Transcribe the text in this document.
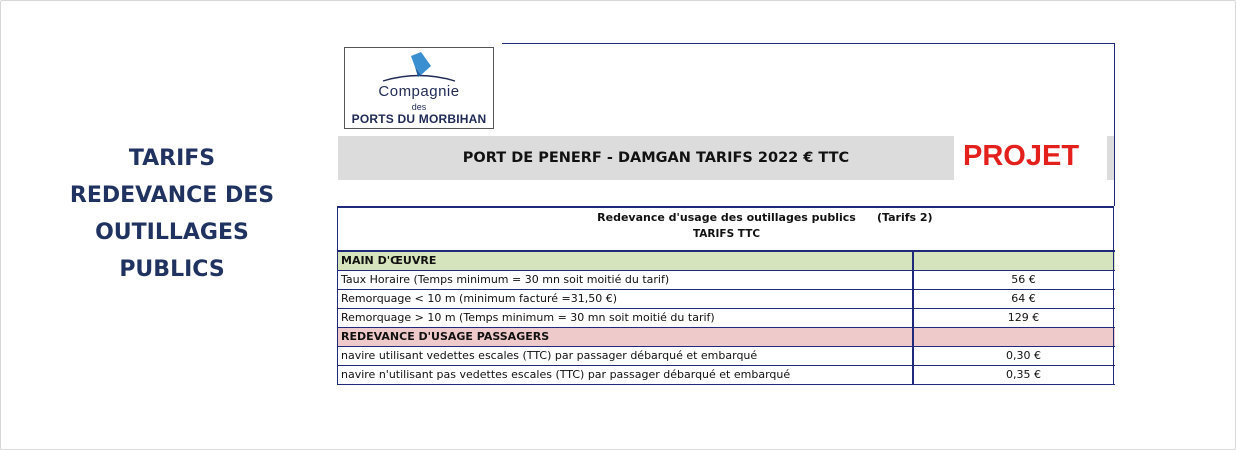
TARIFS
REDEVANCE DES
OUTILLAGES
PUBLICS
Compagnie
des
PORTS DU MORBIHAN
PORT DE PENERF - DAMGAN TARIFS 2022 € TTC	PROJET
Redevance d'usage des outillages publics (Tarifs 2)
TARIFS TTC	

MAIN D'ŒUVRE	
Taux Horaire (Temps minimum = 30 mn soit moitié du tarif)	56 €
Remorquage < 10 m (minimum facturé =31,50 €)	64 €
Remorquage > 10 m (Temps minimum = 30 mn soit moitié du tarif)	129 €
REDEVANCE D'USAGE PASSAGERS	
navire utilisant vedettes escales (TTC) par passager débarqué et embarqué	0,30 €
navire n'utilisant pas vedettes escales (TTC) par passager débarqué et embarqué	0,35 €
